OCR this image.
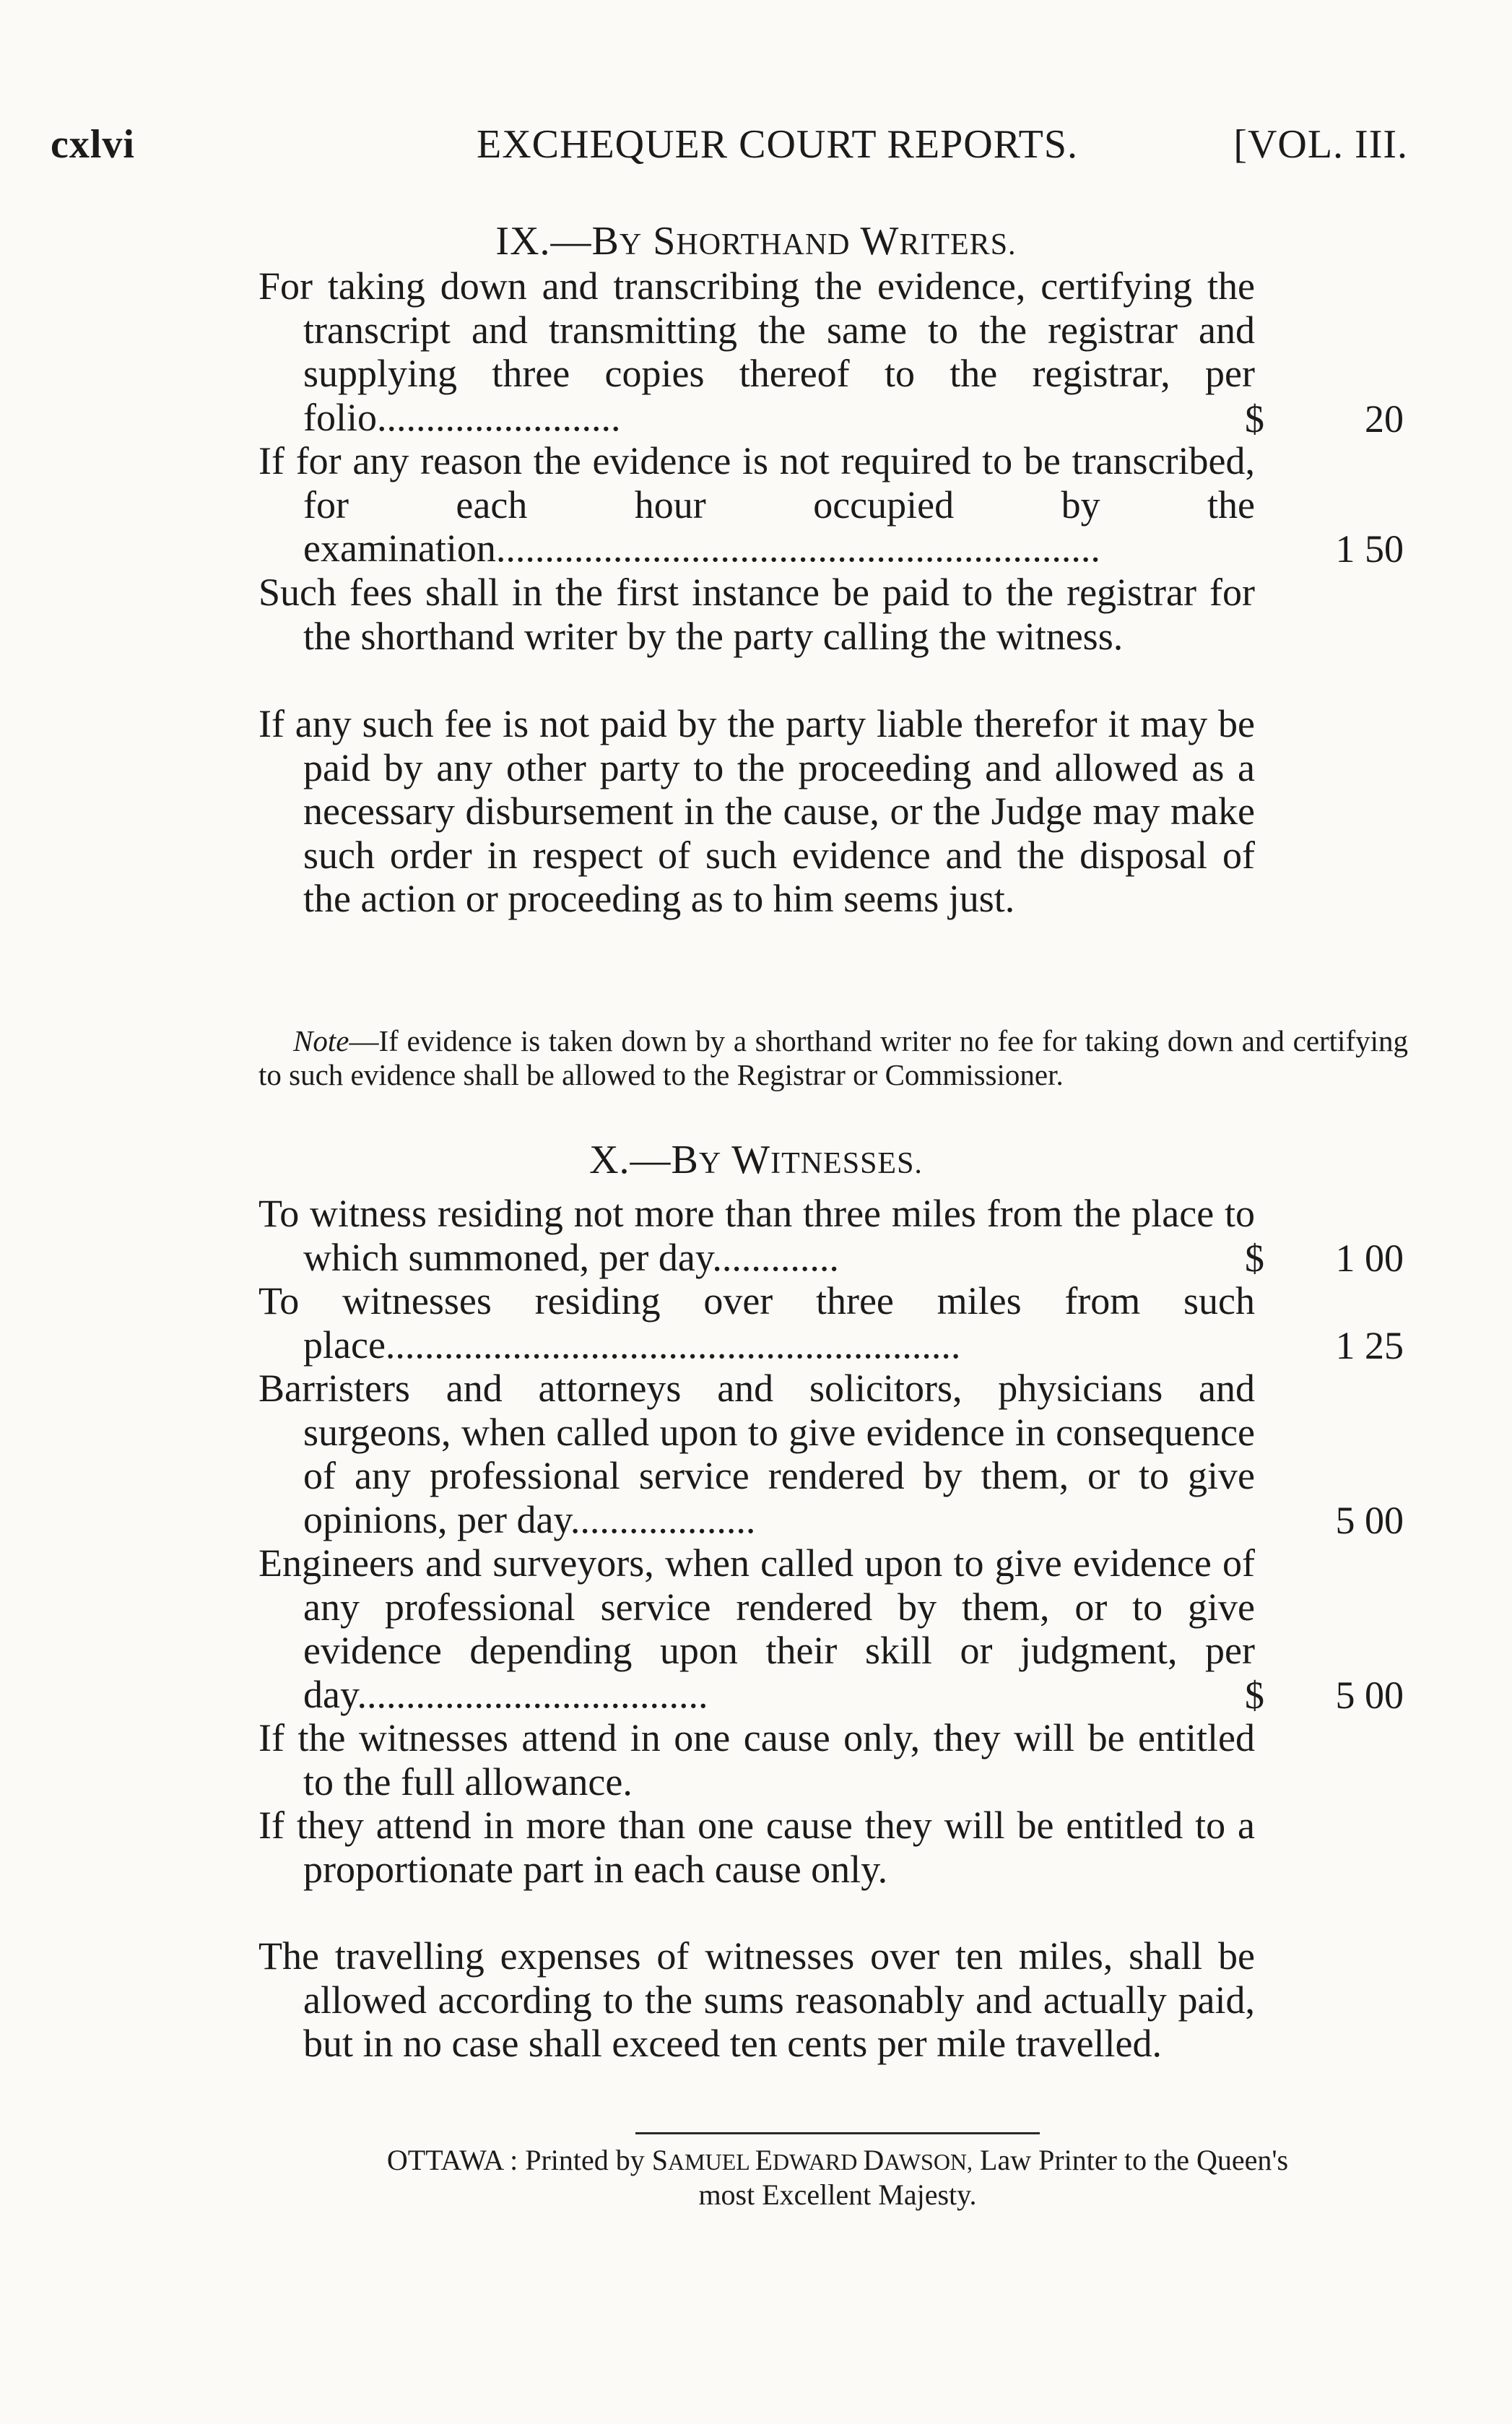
cxlvi	EXCHEQUER COURT REPORTS.	[VOL. III.
IX.—BY SHORTHAND WRITERS.
For taking down and transcribing the evidence, certifying the transcript and transmitting the same to the registrar and supplying three copies thereof to the registrar, per folio.........................	$	20
If for any reason the evidence is not required to be transcribed, for each hour occupied by the examination..............................................................	1 50
Such fees shall in the first instance be paid to the registrar for the shorthand writer by the party calling the witness.
If any such fee is not paid by the party liable therefor it may be paid by any other party to the proceeding and allowed as a necessary disbursement in the cause, or the Judge may make such order in respect of such evidence and the disposal of the action or proceeding as to him seems just.
Note—If evidence is taken down by a shorthand writer no fee for taking down and certifying to such evidence shall be allowed to the Registrar or Commissioner.
X.—BY WITNESSES.
To witness residing not more than three miles from the place to which summoned, per day.............	$ 1 00
To witnesses residing over three miles from such place...........................................................	1 25
Barristers and attorneys and solicitors, physicians and surgeons, when called upon to give evidence in consequence of any professional service rendered by them, or to give opinions, per day...................	5 00
Engineers and surveyors, when called upon to give evidence of any professional service rendered by them, or to give evidence depending upon their skill or judgment, per day....................................	$ 5 00
If the witnesses attend in one cause only, they will be entitled to the full allowance.
If they attend in more than one cause they will be entitled to a proportionate part in each cause only.
The travelling expenses of witnesses over ten miles, shall be allowed according to the sums reasonably and actually paid, but in no case shall exceed ten cents per mile travelled.
OTTAWA : Printed by SAMUEL EDWARD DAWSON, Law Printer to the Queen's
most Excellent Majesty.
